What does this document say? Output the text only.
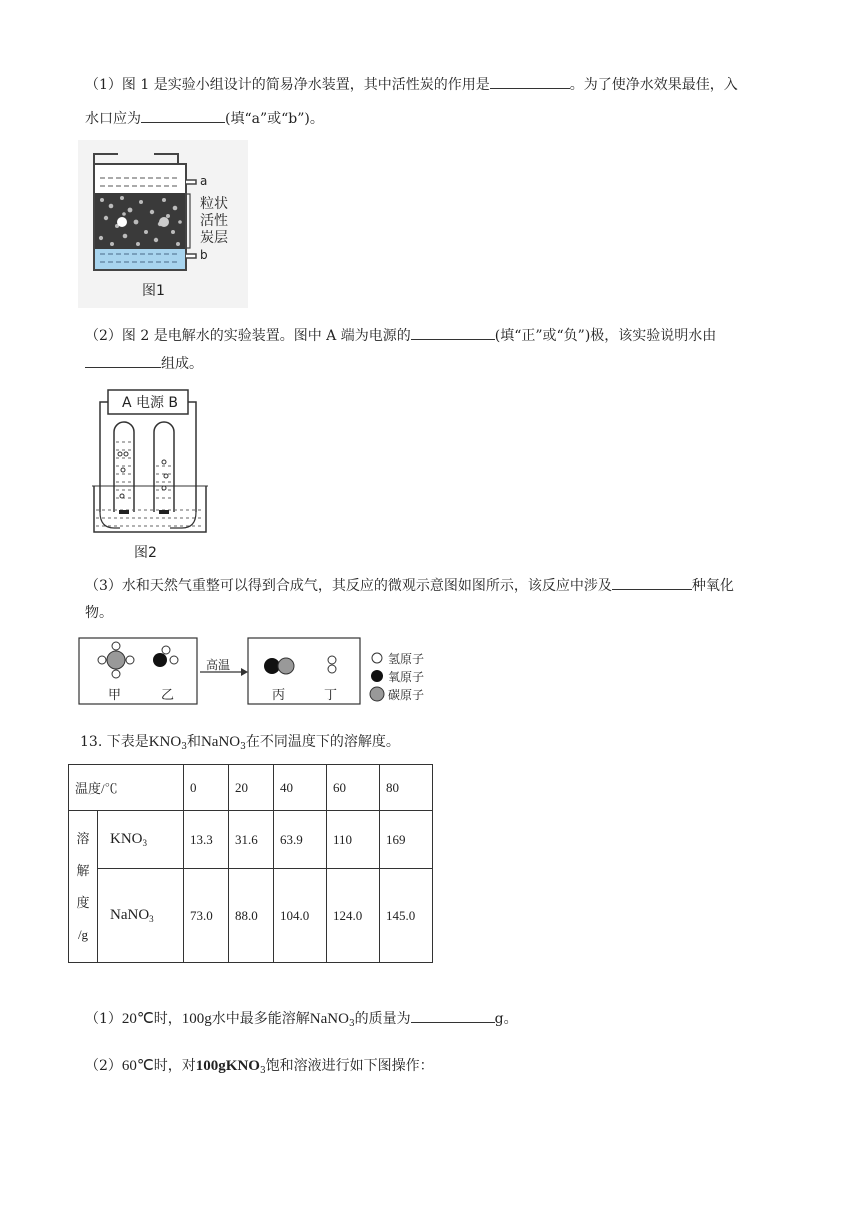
（1）图 1 是实验小组设计的简易净水装置，其中活性炭的作用是	。为了使净水效果最佳，入
水口应为	(填“a”或“b”)。
a
b
粒状
活性
炭层
图1
（2）图 2 是电解水的实验装置。图中 A 端为电源的	(填“正”或“负”)极，该实验说明水由
组成。
A 电源 B
图2
（3）水和天然气重整可以得到合成气，其反应的微观示意图如图所示，该反应中涉及	种氧化
物。
甲	乙
高温
丙	丁
氢原子
氧原子
碳原子
13. 下表是$KNO_3$和NaNO$_3$在不同温度下的溶解度。
温度/℃		0	20	40	60	80

溶
解
度
/g	$KNO_3$	13.3	31.6	63.9	110	169
	NaNO$_3$	73.0	88.0	104.0	124.0	145.0
（1）20℃时，100g水中最多能溶解NaNO$_3$的质量为	g。
（2）60℃时，对100gKNO$_3$饱和溶液进行如下图操作：
